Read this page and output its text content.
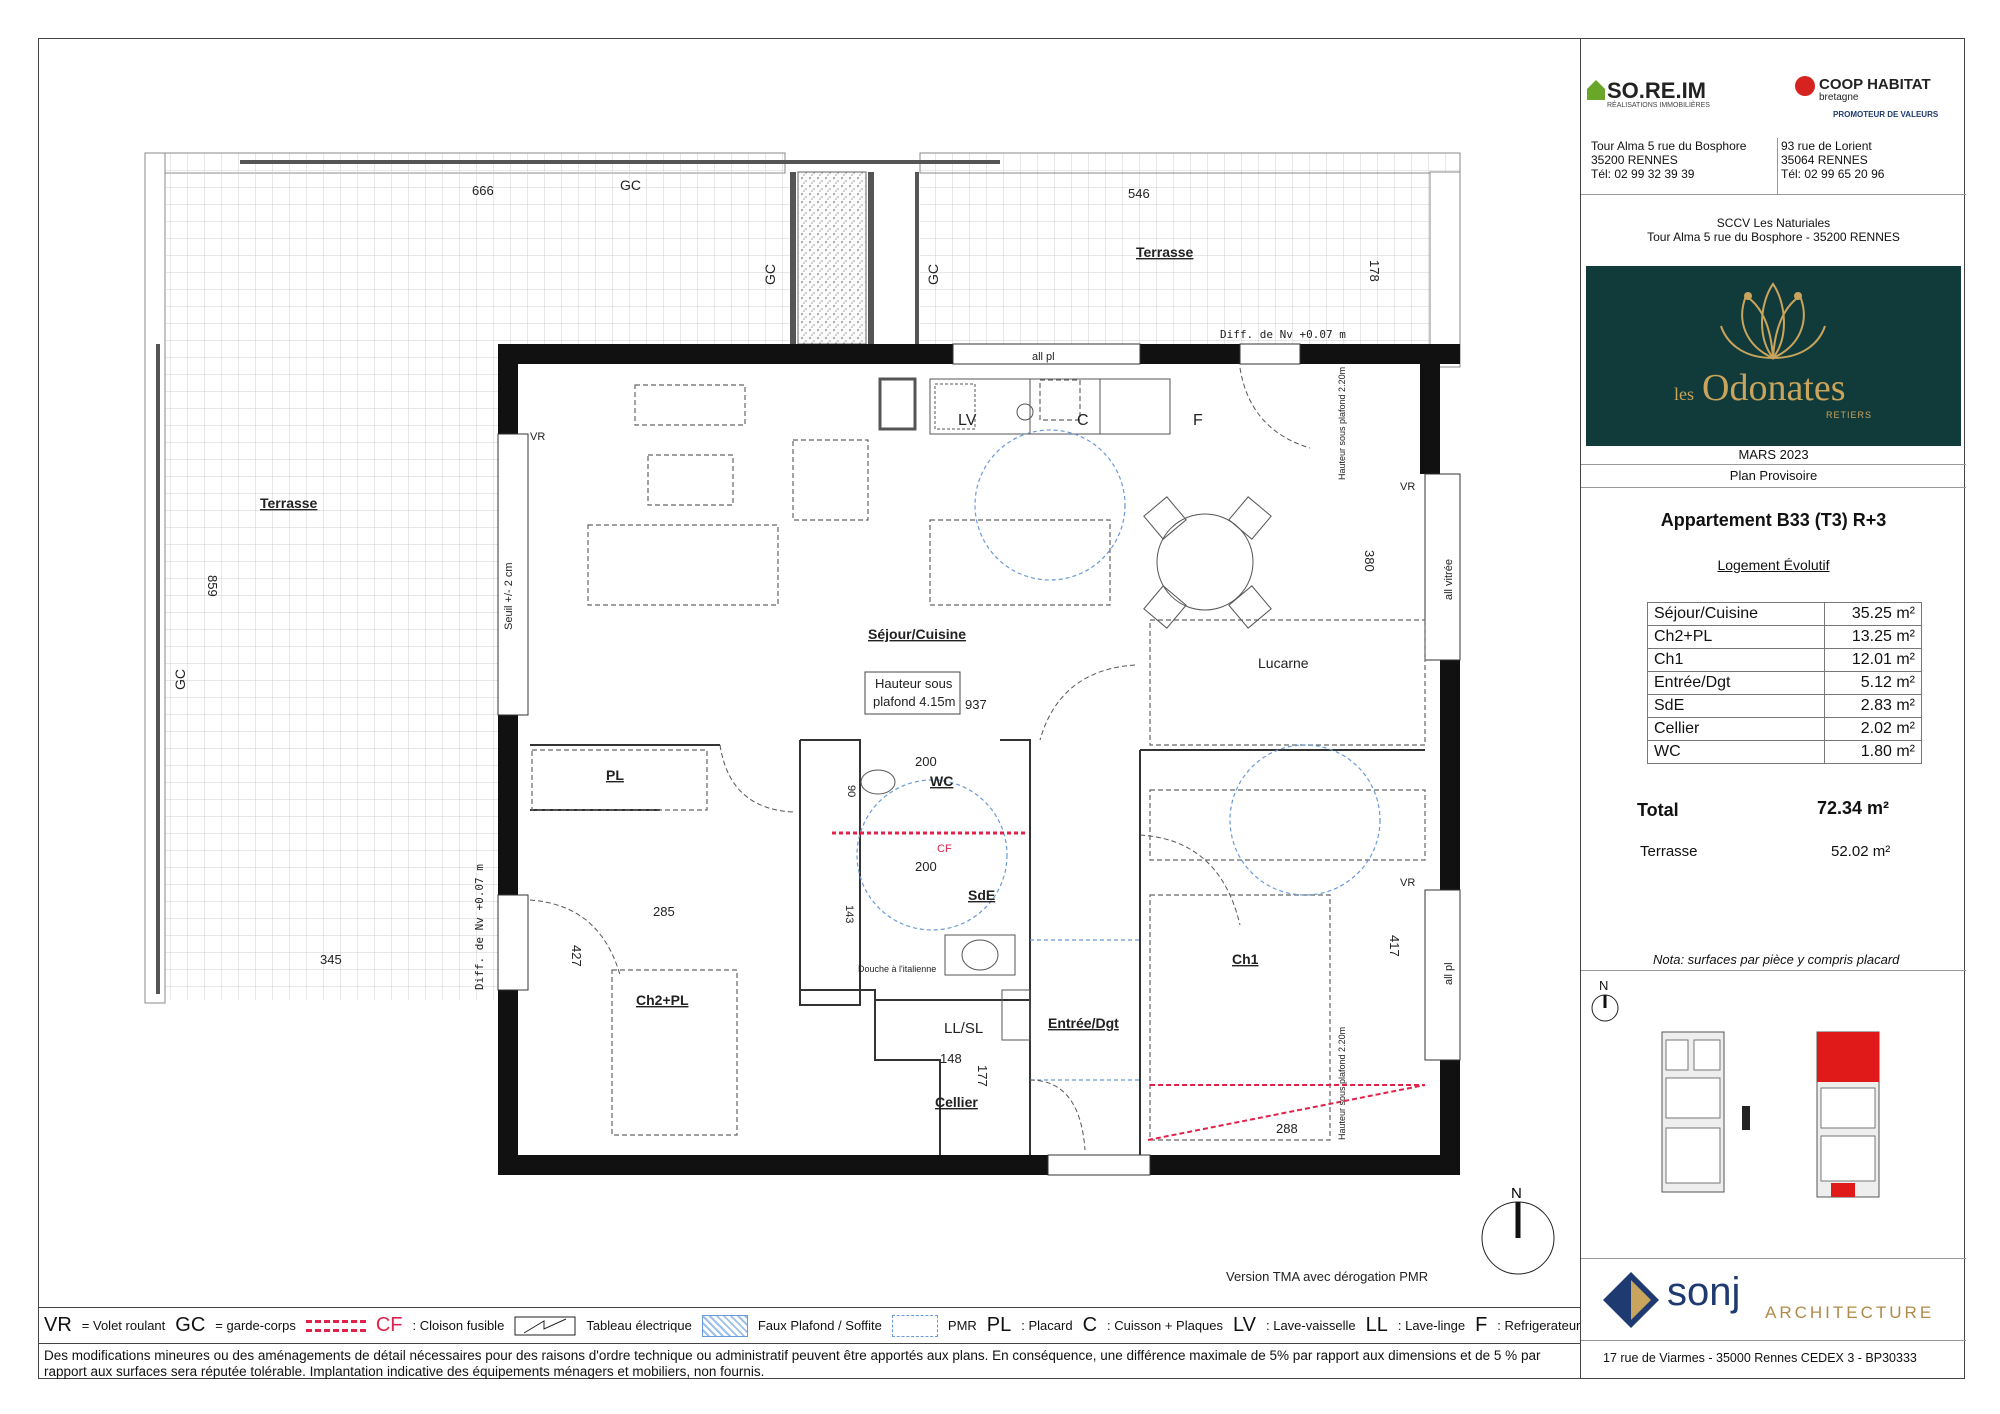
666	GC
546
178
GC	GC
GC
859
Terrasse
Terrasse
Diff. de Nv +0.07 m
all pl
LV	C	F
VR
VR
VR
Seuil +/- 2 cm	all vitrée
all pl
380
Hauteur sous plafond 2.20m
Hauteur sous plafond 2.20m
Séjour/Cuisine
Lucarne
Hauteur sous
plafond 4.15m 937
200
WC
90
PL
CF
200
SdE
143
Douche à l'italienne
285
345	427	417
Diff. de Nv +0.07 m	Ch1
Ch2+PL
LL/SL	Entrée/Dgt
148
177
Cellier
288
Version TMA avec dérogation PMR
N
SO.RE.IM
RÉALISATIONS IMMOBILIÈRES
COOP HABITAT
bretagne
PROMOTEUR DE VALEURS
Tour Alma 5 rue du Bosphore
35200 RENNES
Tél: 02 99 32 39 39
93 rue de Lorient
35064 RENNES
Tél: 02 99 65 20 96
SCCV Les Naturiales
Tour Alma 5 rue du Bosphore - 35200 RENNES
les Odonates
RETIERS
MARS 2023
Plan Provisoire
Appartement B33 (T3) R+3
Logement Évolutif
Séjour/Cuisine	35.25 m²
Ch2+PL	13.25 m²
Ch1	12.01 m²
Entrée/Dgt	5.12 m²
SdE	2.83 m²
Cellier	2.02 m²
WC	1.80 m²
Total	72.34 m²
Terrasse	52.02 m²
Nota: surfaces par pièce y compris placard
N
sonj ARCHITECTURE
17 rue de Viarmes - 35000 Rennes CEDEX 3 - BP30333
VR = Volet roulant GC = garde-corps	CF : Cloison fusible	Tableau électrique	Faux Plafond / Soffite	PMR PL : Placard C : Cuisson + Plaques LV : Lave-vaisselle LL : Lave-linge F : Refrigerateur
Des modifications mineures ou des aménagements de détail nécessaires pour des raisons d'ordre technique ou administratif peuvent être apportés aux plans. En conséquence, une différence maximale de 5% par rapport aux dimensions et de 5 % par rapport aux surfaces sera réputée tolérable. Implantation indicative des équipements ménagers et mobiliers, non fournis.
